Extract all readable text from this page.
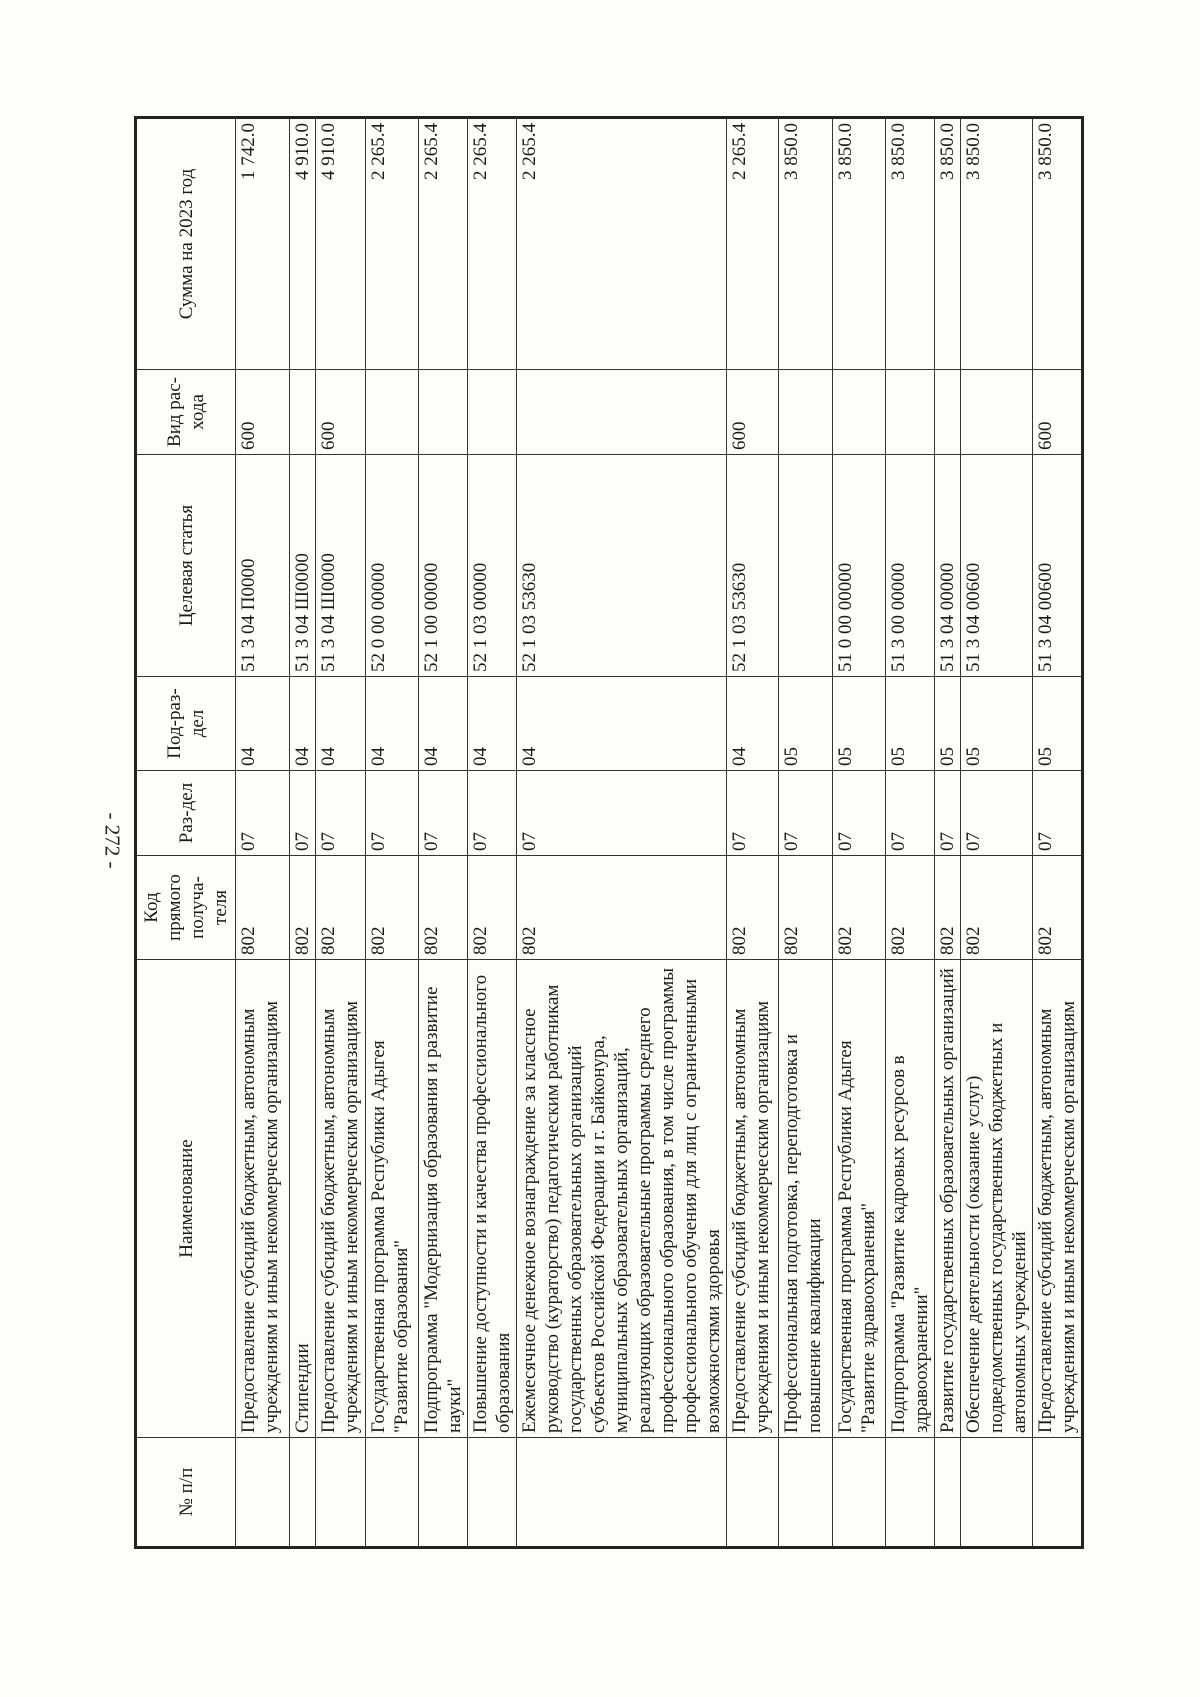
- 272 -
№ п/п	Наименование	Код прямого получа-теля	Раз-дел	Под-раз-дел	Целевая статья	Вид рас-хода	Сумма на 2023 год
	Предоставление субсидий бюджетным, автономным учреждениям и иным некоммерческим организациям	802	07	04	51 3 04 П0000	600	1 742.0
	Стипендии	802	07	04	51 3 04 Ш0000		4 910.0
	Предоставление субсидий бюджетным, автономным учреждениям и иным некоммерческим организациям	802	07	04	51 3 04 Ш0000	600	4 910.0
	Государственная программа Республики Адыгея "Развитие образования"	802	07	04	52 0 00 00000		2 265.4
	Подпрограмма "Модернизация образования и развитие науки"	802	07	04	52 1 00 00000		2 265.4
	Повышение доступности и качества профессионального образования	802	07	04	52 1 03 00000		2 265.4
	Ежемесячное денежное вознаграждение за классное руководство (кураторство) педагогическим работникам государственных образовательных организаций субъектов Российской Федерации и г. Байконура, муниципальных образовательных организаций, реализующих образовательные программы среднего профессионального образования, в том числе программы профессионального обучения для лиц с ограниченными возможностями здоровья	802	07	04	52 1 03 53630		2 265.4
	Предоставление субсидий бюджетным, автономным учреждениям и иным некоммерческим организациям	802	07	04	52 1 03 53630	600	2 265.4
	Профессиональная подготовка, переподготовка и повышение квалификации	802	07	05			3 850.0
	Государственная программа Республики Адыгея "Развитие здравоохранения"	802	07	05	51 0 00 00000		3 850.0
	Подпрограмма "Развитие кадровых ресурсов в здравоохранении"	802	07	05	51 3 00 00000		3 850.0
	Развитие государственных образовательных организаций	802	07	05	51 3 04 00000		3 850.0
	Обеспечение деятельности (оказание услуг) подведомственных государственных бюджетных и автономных учреждений	802	07	05	51 3 04 00600		3 850.0
	Предоставление субсидий бюджетным, автономным учреждениям и иным некоммерческим организациям	802	07	05	51 3 04 00600	600	3 850.0
